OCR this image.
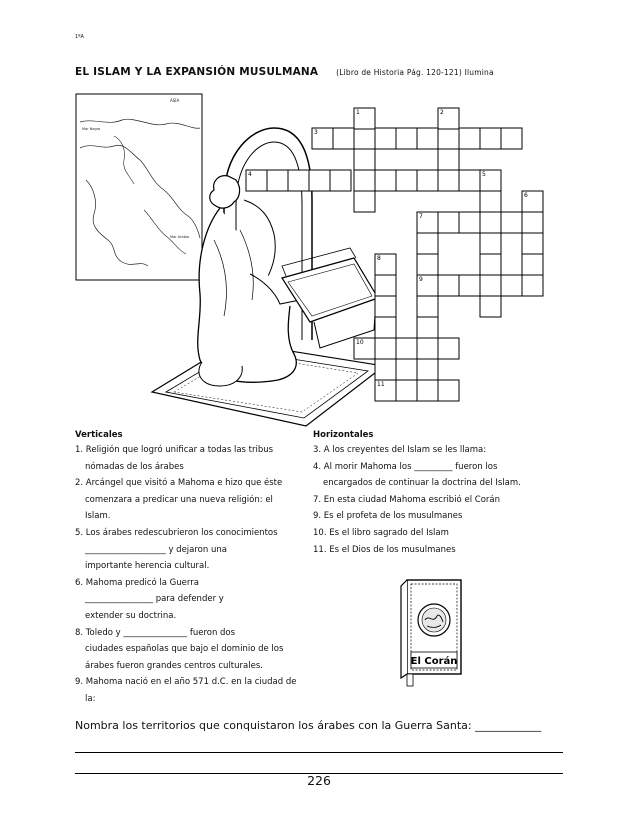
1ºA
EL ISLAM Y LA EXPANSIÓN MUSULMANA (Libro de Historia Pág. 120-121) Ilumina
ASIA
Mar Negro
Mar Arabia
1	2
3
4	5
6
7
8
9
10
11
Verticales
1. Religión que logró unificar a todas las tribus
nómadas de los árabes
2. Arcángel que visitó a Mahoma e hizo que éste
comenzara a predicar una nueva religión: el
Islam.
5. Los árabes redescubrieron los conocimientos
___________________ y dejaron una
importante herencia cultural.
6. Mahoma predicó la Guerra
________________ para defender y
extender su doctrina.
8. Toledo y _______________ fueron dos
ciudades españolas que bajo el dominio de los
árabes fueron grandes centros culturales.
9. Mahoma nació en el año 571 d.C. en la ciudad de
la:
Horizontales
3. A los creyentes del Islam se les llama:
4. Al morir Mahoma los _________ fueron los
encargados de continuar la doctrina del Islam.
7. En esta ciudad Mahoma escribió el Corán
9. Es el profeta de los musulmanes
10. Es el libro sagrado del Islam
11. Es el Dios de los musulmanes
El Corán
Nombra los territorios que conquistaron los árabes con la Guerra Santa: ____________
226
